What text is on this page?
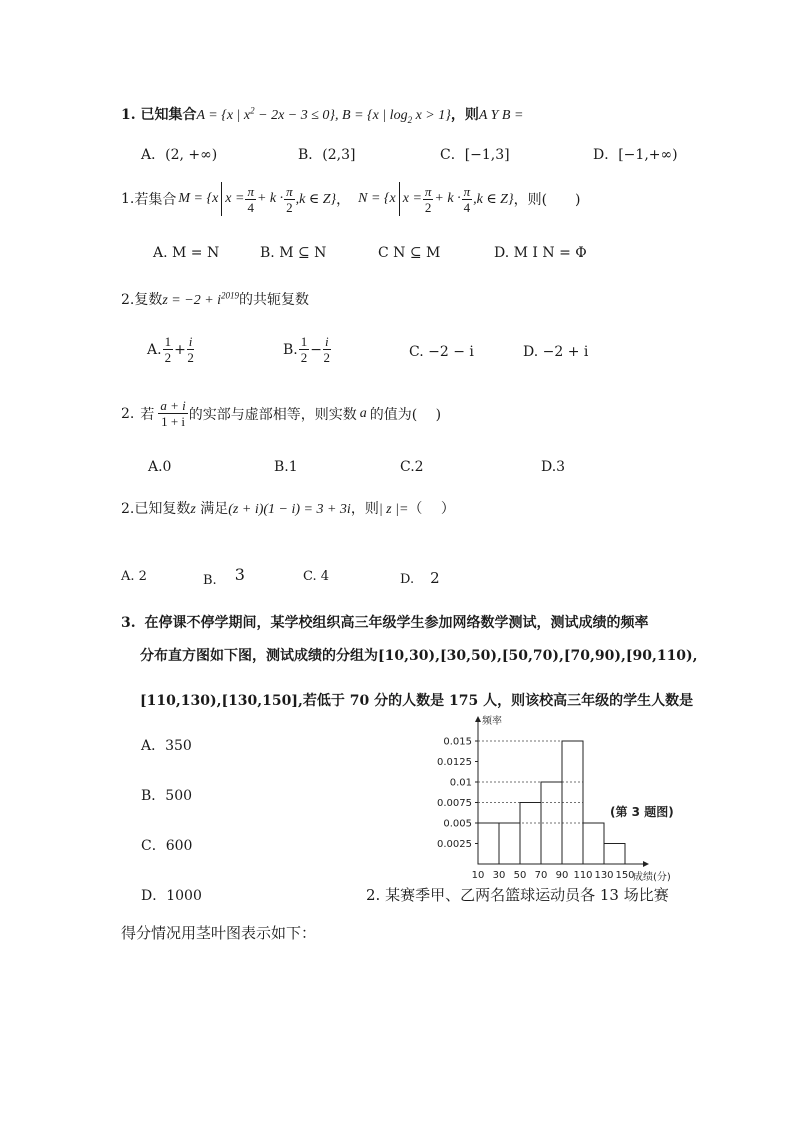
1. 已知集合A = {x | $x^2 - 2x - 3 \le 0$}, B = {x | $\log_2 x > 1$}，则A Y B =
A．(2, +∞)	B．(2,3]	C．[−1,3]	D．[−1,+∞)
1. 若集合 M = {x $x = \frac{\pi}{4} + k \cdot \frac{\pi}{2} ,k$ ∈ Z} ， N = {x $x = \frac{\pi}{2} + k \cdot \frac{\pi}{4} ,k$ ∈ Z} ，则(　　)
A. M = N	B. M ⊆ N	C N ⊆ M	D. M I N = Φ
2.复数$z = -2 + i^{2019}$的共轭复数
A. $\frac{1}{2} + \frac{i}{2}$	B. $\frac{1}{2} - \frac{i}{2}$	C. −2 − i	D. −2 + i
2. 若 $\frac{a + i}{1 + i}$ 的实部与虚部相等，则实数 a 的值为(　 )
A.0	B.1	C.2	D.3
2.已知复数z 满足(z + i)(1 − i) = 3 + 3i，则| z |=（　 ）
A. 2	B. 3	C. 4	D. 2
3. 在停课不停学期间，某学校组织高三年级学生参加网络数学测试，测试成绩的频率
分布直方图如下图，测试成绩的分组为[10,30),[30,50),[50,70),[70,90),[90,110),
[110,130),[130,150],若低于 70 分的人数是 175 人，则该校高三年级的学生人数是
A．350
B．500
C．600
D．1000
频率
成绩(分)
0.0025
0.005
0.0075
0.01
0.0125
0.015
10 30 50 70 90 110 130 150
(第 3 题图)
2. 某赛季甲、乙两名篮球运动员各 13 场比赛
得分情况用茎叶图表示如下：
